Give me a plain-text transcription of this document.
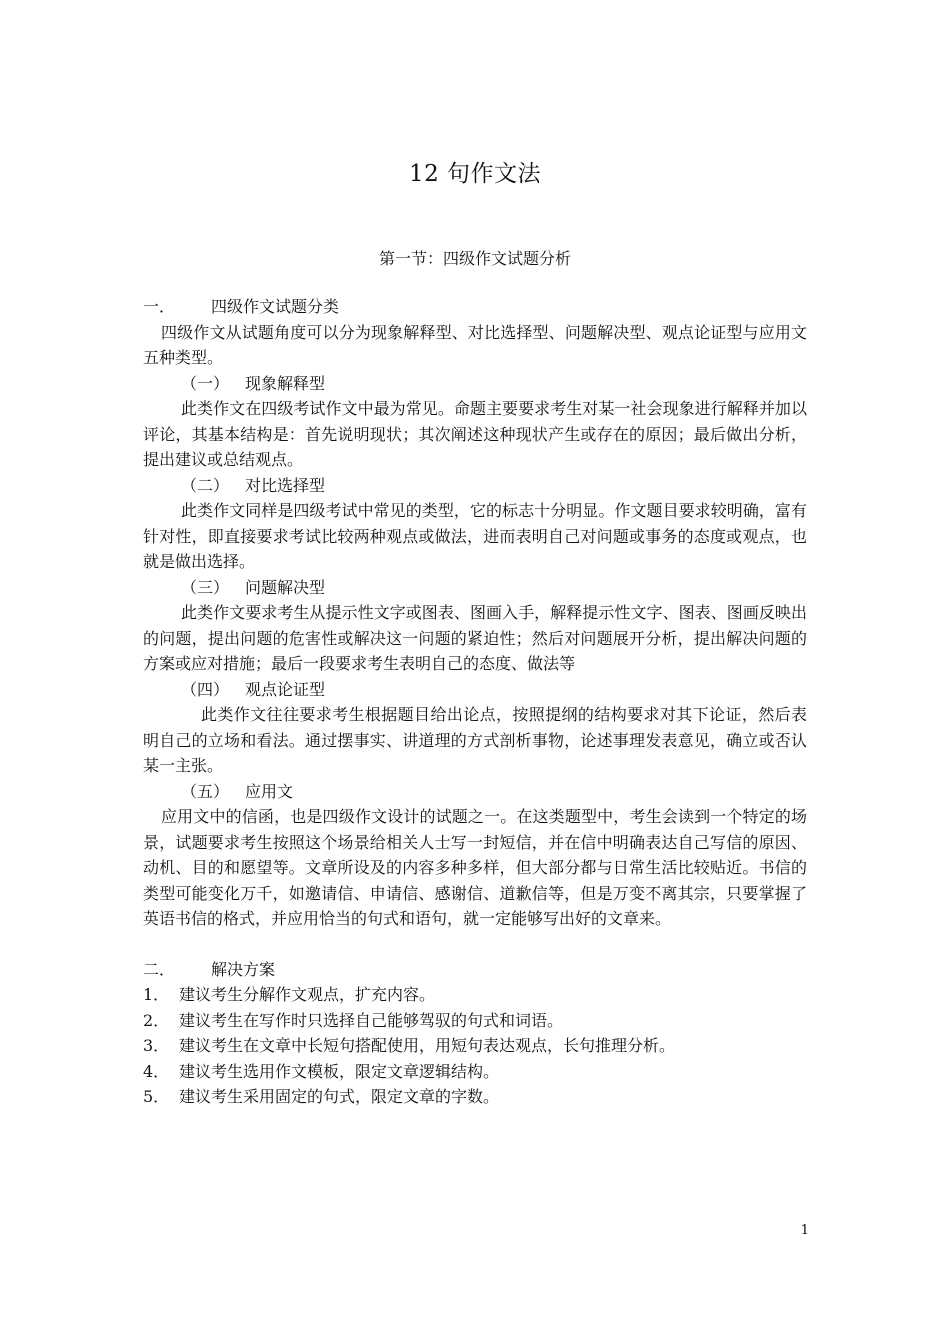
12 句作文法
第一节：四级作文试题分析
一．	四级作文试题分类
四级作文从试题角度可以分为现象解释型、对比选择型、问题解决型、观点论证型与应用文五种类型。
（一） 现象解释型
此类作文在四级考试作文中最为常见。命题主要要求考生对某一社会现象进行解释并加以评论，其基本结构是：首先说明现状；其次阐述这种现状产生或存在的原因；最后做出分析，提出建议或总结观点。
（二） 对比选择型
此类作文同样是四级考试中常见的类型，它的标志十分明显。作文题目要求较明确，富有针对性，即直接要求考试比较两种观点或做法，进而表明自己对问题或事务的态度或观点，也就是做出选择。
（三） 问题解决型
此类作文要求考生从提示性文字或图表、图画入手，解释提示性文字、图表、图画反映出的问题，提出问题的危害性或解决这一问题的紧迫性；然后对问题展开分析，提出解决问题的方案或应对措施；最后一段要求考生表明自己的态度、做法等
（四） 观点论证型
此类作文往往要求考生根据题目给出论点，按照提纲的结构要求对其下论证，然后表明自己的立场和看法。通过摆事实、讲道理的方式剖析事物，论述事理发表意见，确立或否认某一主张。
（五） 应用文
应用文中的信函，也是四级作文设计的试题之一。在这类题型中，考生会读到一个特定的场景，试题要求考生按照这个场景给相关人士写一封短信，并在信中明确表达自己写信的原因、动机、目的和愿望等。文章所设及的内容多种多样，但大部分都与日常生活比较贴近。书信的类型可能变化万千，如邀请信、申请信、感谢信、道歉信等，但是万变不离其宗，只要掌握了英语书信的格式，并应用恰当的句式和语句，就一定能够写出好的文章来。
二．	解决方案
1． 建议考生分解作文观点，扩充内容。
2． 建议考生在写作时只选择自己能够驾驭的句式和词语。
3． 建议考生在文章中长短句搭配使用，用短句表达观点，长句推理分析。
4． 建议考生选用作文模板，限定文章逻辑结构。
5． 建议考生采用固定的句式，限定文章的字数。
1
